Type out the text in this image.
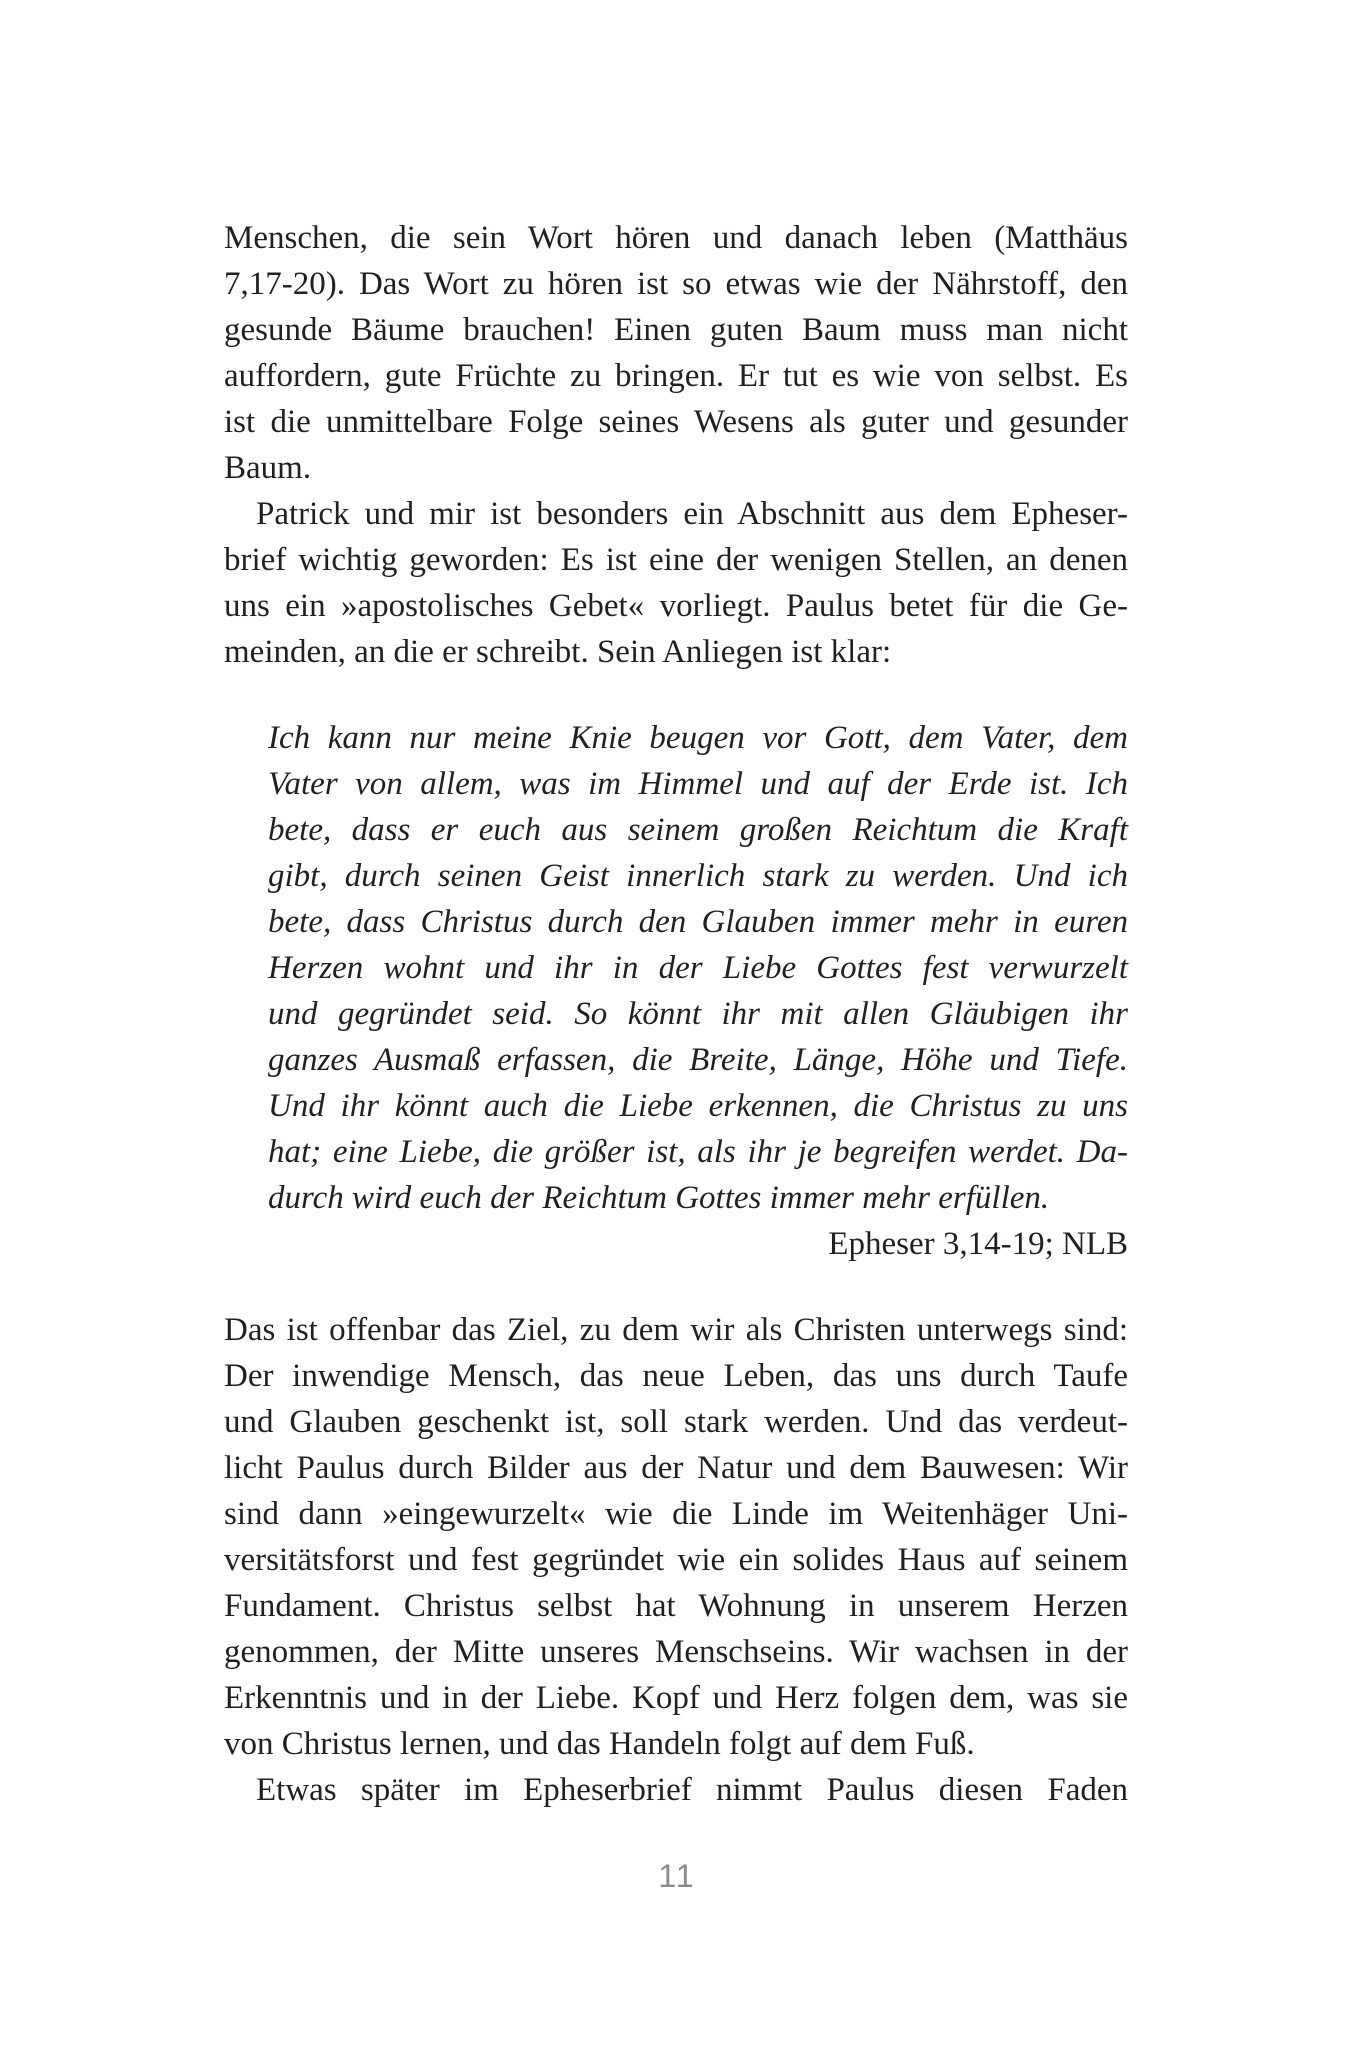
Menschen, die sein Wort hören und danach leben (Matthäus
7,17-20). Das Wort zu hören ist so etwas wie der Nährstoff, den
gesunde Bäume brauchen! Einen guten Baum muss man nicht
auffordern, gute Früchte zu bringen. Er tut es wie von selbst. Es
ist die unmittelbare Folge seines Wesens als guter und gesunder
Baum.
Patrick und mir ist besonders ein Abschnitt aus dem Epheser-
brief wichtig geworden: Es ist eine der wenigen Stellen, an denen
uns ein »apostolisches Gebet« vorliegt. Paulus betet für die Ge-
meinden, an die er schreibt. Sein Anliegen ist klar:
Ich kann nur meine Knie beugen vor Gott, dem Vater, dem
Vater von allem, was im Himmel und auf der Erde ist. Ich
bete, dass er euch aus seinem großen Reichtum die Kraft
gibt, durch seinen Geist innerlich stark zu werden. Und ich
bete, dass Christus durch den Glauben immer mehr in euren
Herzen wohnt und ihr in der Liebe Gottes fest verwurzelt
und gegründet seid. So könnt ihr mit allen Gläubigen ihr
ganzes Ausmaß erfassen, die Breite, Länge, Höhe und Tiefe.
Und ihr könnt auch die Liebe erkennen, die Christus zu uns
hat; eine Liebe, die größer ist, als ihr je begreifen werdet. Da-
durch wird euch der Reichtum Gottes immer mehr erfüllen.
Epheser 3,14-19; NLB
Das ist offenbar das Ziel, zu dem wir als Christen unterwegs sind:
Der inwendige Mensch, das neue Leben, das uns durch Taufe
und Glauben geschenkt ist, soll stark werden. Und das verdeut-
licht Paulus durch Bilder aus der Natur und dem Bauwesen: Wir
sind dann »eingewurzelt« wie die Linde im Weitenhäger Uni-
versitätsforst und fest gegründet wie ein solides Haus auf seinem
Fundament. Christus selbst hat Wohnung in unserem Herzen
genommen, der Mitte unseres Menschseins. Wir wachsen in der
Erkenntnis und in der Liebe. Kopf und Herz folgen dem, was sie
von Christus lernen, und das Handeln folgt auf dem Fuß.
Etwas später im Epheserbrief nimmt Paulus diesen Faden
11
